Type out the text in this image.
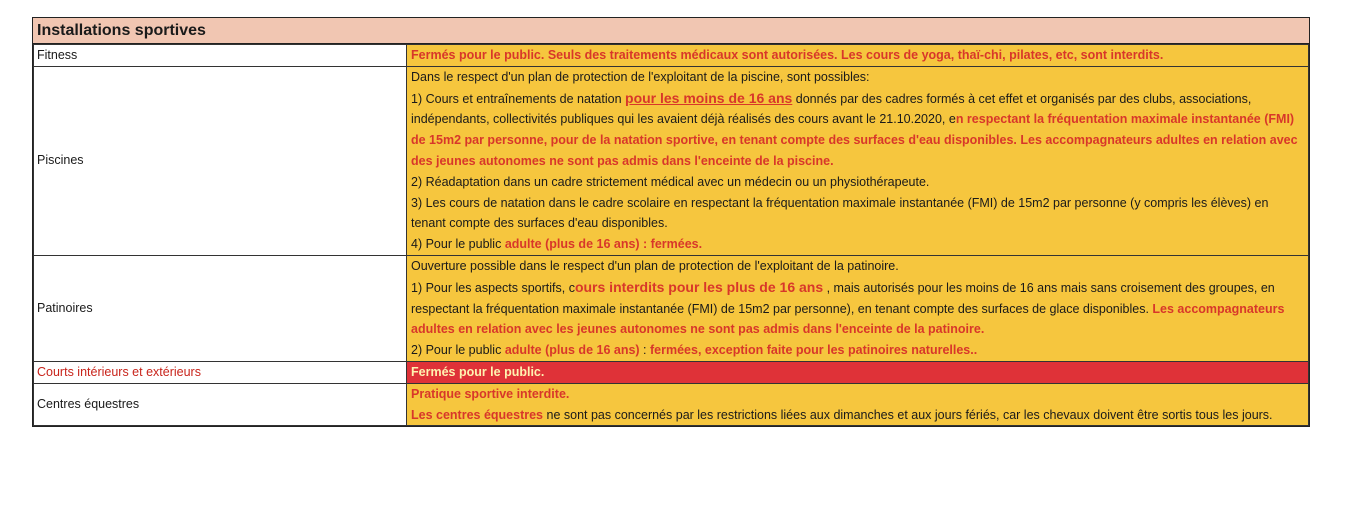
Installations sportives
Fitness	Fermés pour le public. Seuls des traitements médicaux sont autorisées. Les cours de yoga, thaï-chi, pilates, etc, sont interdits.
Piscines	Dans le respect d'un plan de protection de l'exploitant de la piscine, sont possibles:
1) Cours et entraînements de natation pour les moins de 16 ans donnés par des cadres formés à cet effet et organisés par des clubs, associations, indépendants, collectivités publiques qui les avaient déjà réalisés des cours avant le 21.10.2020, en respectant la fréquentation maximale instantanée (FMI) de 15m2 par personne, pour de la natation sportive, en tenant compte des surfaces d'eau disponibles. Les accompagnateurs adultes en relation avec des jeunes autonomes ne sont pas admis dans l'enceinte de la piscine.
2) Réadaptation dans un cadre strictement médical avec un médecin ou un physiothérapeute.
3) Les cours de natation dans le cadre scolaire en respectant la fréquentation maximale instantanée (FMI) de 15m2 par personne (y compris les élèves) en tenant compte des surfaces d'eau disponibles.
4) Pour le public adulte (plus de 16 ans) : fermées.

Patinoires	Ouverture possible dans le respect d'un plan de protection de l'exploitant de la patinoire.
1) Pour les aspects sportifs, cours interdits pour les plus de 16 ans , mais autorisés pour les moins de 16 ans mais sans croisement des groupes, en respectant la fréquentation maximale instantanée (FMI) de 15m2 par personne), en tenant compte des surfaces de glace disponibles. Les accompagnateurs adultes en relation avec les jeunes autonomes ne sont pas admis dans l'enceinte de la patinoire.
2) Pour le public adulte (plus de 16 ans) : fermées, exception faite pour les patinoires naturelles..

Courts intérieurs et extérieurs	Fermés pour le public.
Centres équestres	Pratique sportive interdite.
Les centres équestres ne sont pas concernés par les restrictions liées aux dimanches et aux jours fériés, car les chevaux doivent être sortis tous les jours.
